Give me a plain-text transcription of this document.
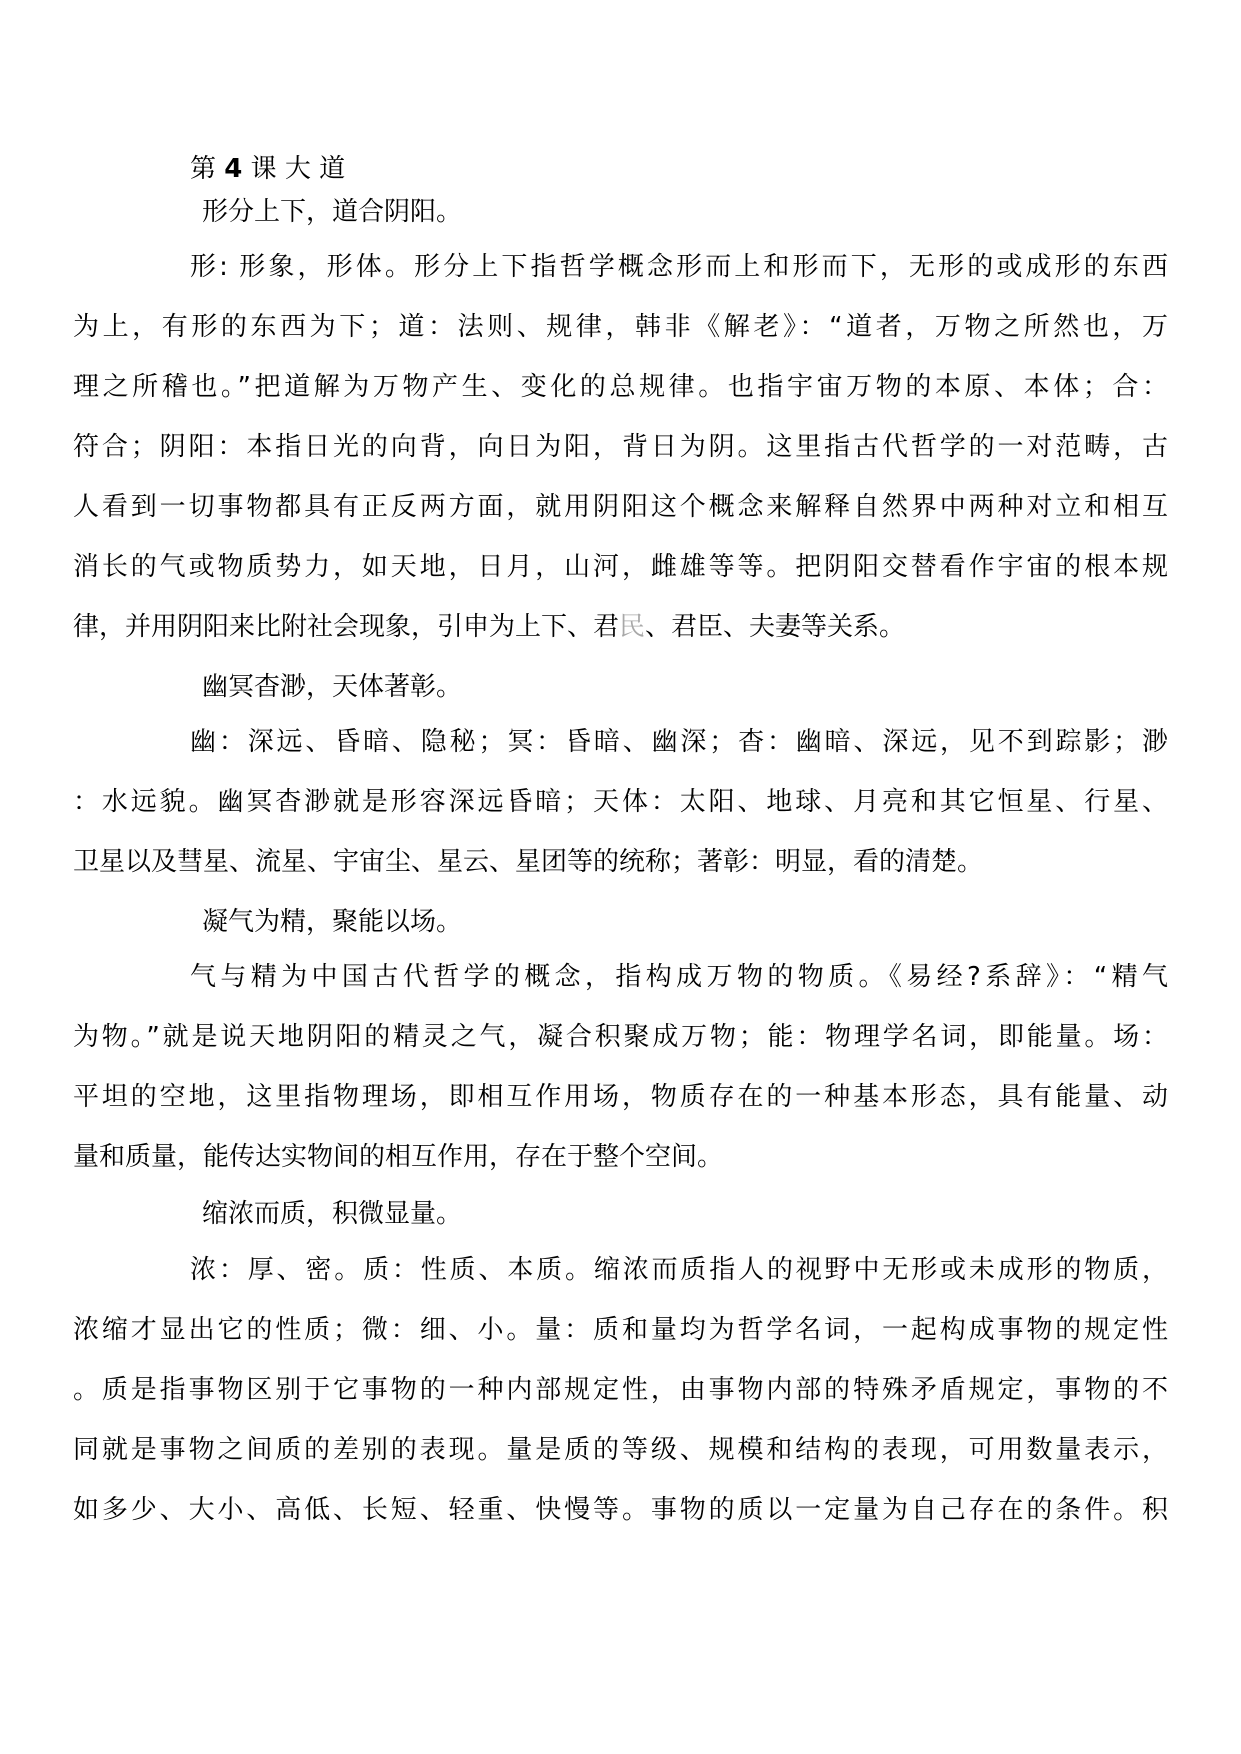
第 4 课 大 道

形分上下，道合阴阳。

形: 形象，形体。形分上下指哲学概念形而上和形而下，无形的或成形的东西

为上，有形的东西为下；道：法则、规律，韩非《解老》：“道者，万物之所然也，万

理之所稽也。”把道解为万物产生、变化的总规律。也指宇宙万物的本原、本体；合：

符合；阴阳：本指日光的向背，向日为阳，背日为阴。这里指古代哲学的一对范畴，古

人看到一切事物都具有正反两方面，就用阴阳这个概念来解释自然界中两种对立和相互

消长的气或物质势力，如天地，日月，山河，雌雄等等。把阴阳交替看作宇宙的根本规

律，并用阴阳来比附社会现象，引申为上下、君民、君臣、夫妻等关系。

幽冥杳渺，天体著彰。

幽：深远、昏暗、隐秘；冥：昏暗、幽深；杳：幽暗、深远，见不到踪影；渺

：水远貌。幽冥杳渺就是形容深远昏暗；天体：太阳、地球、月亮和其它恒星、行星、

卫星以及彗星、流星、宇宙尘、星云、星团等的统称；著彰：明显，看的清楚。

凝气为精，聚能以场。

气与精为中国古代哲学的概念，指构成万物的物质。《易经?系辞》：“精气

为物。”就是说天地阴阳的精灵之气，凝合积聚成万物；能：物理学名词，即能量。场：

平坦的空地，这里指物理场，即相互作用场，物质存在的一种基本形态，具有能量、动

量和质量，能传达实物间的相互作用，存在于整个空间。

缩浓而质，积微显量。

浓：厚、密。质：性质、本质。缩浓而质指人的视野中无形或未成形的物质，

浓缩才显出它的性质；微：细、小。量：质和量均为哲学名词，一起构成事物的规定性

。质是指事物区别于它事物的一种内部规定性，由事物内部的特殊矛盾规定，事物的不

同就是事物之间质的差别的表现。量是质的等级、规模和结构的表现，可用数量表示，

如多少、大小、高低、长短、轻重、快慢等。事物的质以一定量为自己存在的条件。积
